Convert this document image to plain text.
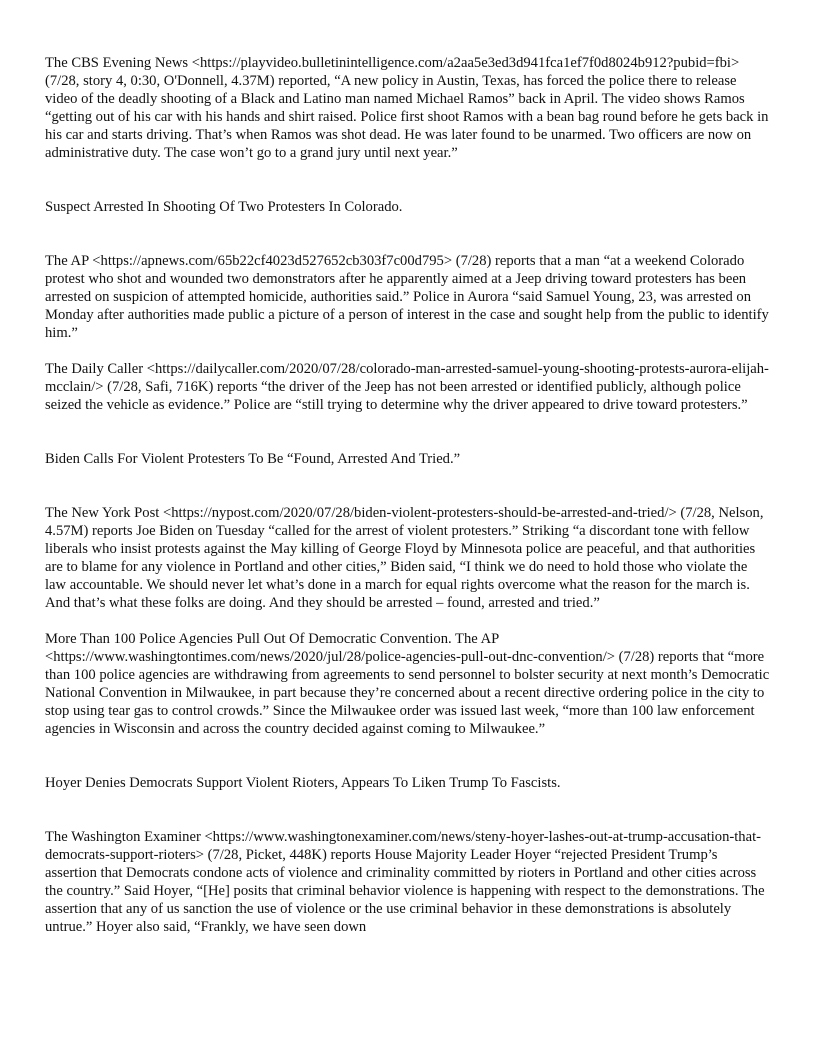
The CBS Evening News <https://playvideo.bulletinintelligence.com/a2aa5e3ed3d941fca1ef7f0d8024b912?pubid=fbi> (7/28, story 4, 0:30, O'Donnell, 4.37M) reported, “A new policy in Austin, Texas, has forced the police there to release video of the deadly shooting of a Black and Latino man named Michael Ramos” back in April. The video shows Ramos “getting out of his car with his hands and shirt raised. Police first shoot Ramos with a bean bag round before he gets back in his car and starts driving. That’s when Ramos was shot dead. He was later found to be unarmed. Two officers are now on administrative duty. The case won’t go to a grand jury until next year.”

Suspect Arrested In Shooting Of Two Protesters In Colorado.

The AP <https://apnews.com/65b22cf4023d527652cb303f7c00d795> (7/28) reports that a man “at a weekend Colorado protest who shot and wounded two demonstrators after he apparently aimed at a Jeep driving toward protesters has been arrested on suspicion of attempted homicide, authorities said.” Police in Aurora “said Samuel Young, 23, was arrested on Monday after authorities made public a picture of a person of interest in the case and sought help from the public to identify him.”

The Daily Caller <https://dailycaller.com/2020/07/28/colorado-man-arrested-samuel-young-shooting-protests-aurora-elijah-mcclain/> (7/28, Safi, 716K) reports “the driver of the Jeep has not been arrested or identified publicly, although police seized the vehicle as evidence.” Police are “still trying to determine why the driver appeared to drive toward protesters.”

Biden Calls For Violent Protesters To Be “Found, Arrested And Tried.”

The New York Post <https://nypost.com/2020/07/28/biden-violent-protesters-should-be-arrested-and-tried/> (7/28, Nelson, 4.57M) reports Joe Biden on Tuesday “called for the arrest of violent protesters.” Striking “a discordant tone with fellow liberals who insist protests against the May killing of George Floyd by Minnesota police are peaceful, and that authorities are to blame for any violence in Portland and other cities,” Biden said, “I think we do need to hold those who violate the law accountable. We should never let what’s done in a march for equal rights overcome what the reason for the march is. And that’s what these folks are doing. And they should be arrested – found, arrested and tried.”

More Than 100 Police Agencies Pull Out Of Democratic Convention. The AP <https://www.washingtontimes.com/news/2020/jul/28/police-agencies-pull-out-dnc-convention/> (7/28) reports that “more than 100 police agencies are withdrawing from agreements to send personnel to bolster security at next month’s Democratic National Convention in Milwaukee, in part because they’re concerned about a recent directive ordering police in the city to stop using tear gas to control crowds.” Since the Milwaukee order was issued last week, “more than 100 law enforcement agencies in Wisconsin and across the country decided against coming to Milwaukee.”

Hoyer Denies Democrats Support Violent Rioters, Appears To Liken Trump To Fascists.

The Washington Examiner <https://www.washingtonexaminer.com/news/steny-hoyer-lashes-out-at-trump-accusation-that-democrats-support-rioters> (7/28, Picket, 448K) reports House Majority Leader Hoyer “rejected President Trump’s assertion that Democrats condone acts of violence and criminality committed by rioters in Portland and other cities across the country.” Said Hoyer, “[He] posits that criminal behavior violence is happening with respect to the demonstrations. The assertion that any of us sanction the use of violence or the use criminal behavior in these demonstrations is absolutely untrue.” Hoyer also said, “Frankly, we have seen down
